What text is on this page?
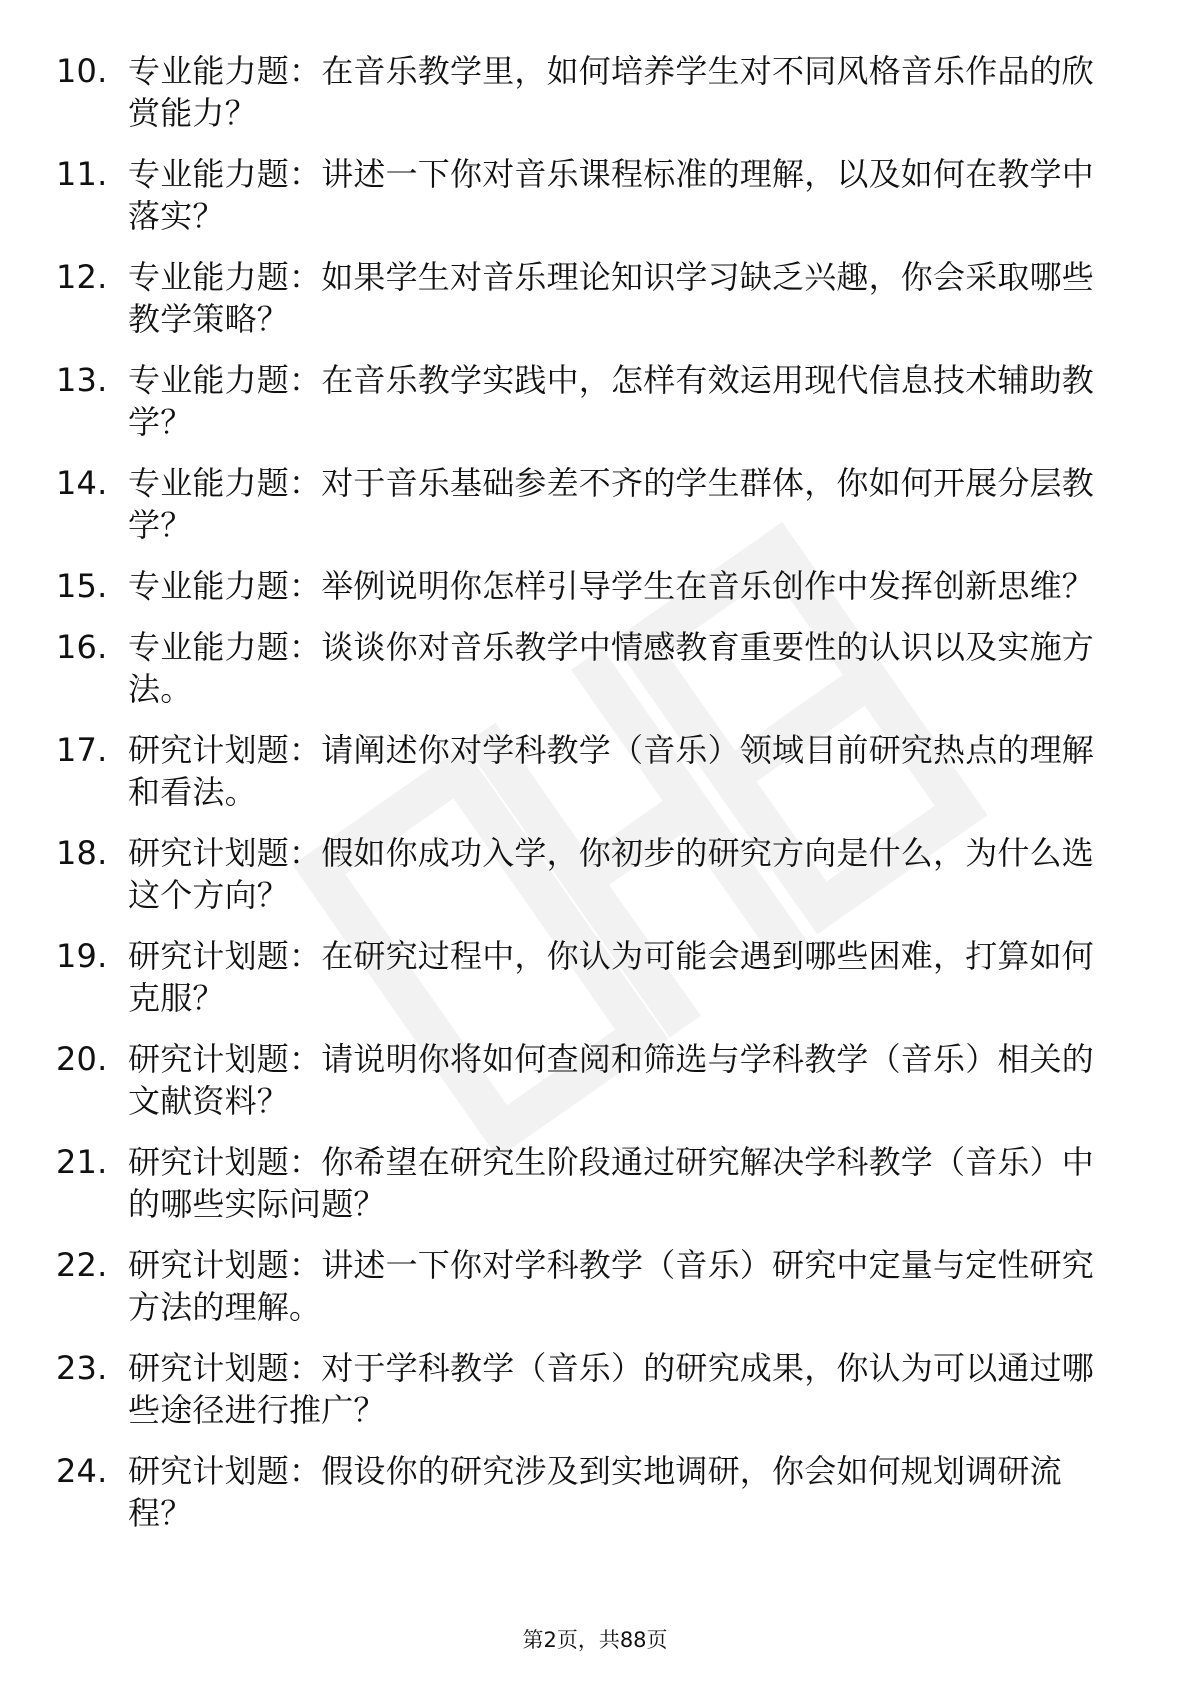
10. 专业能力题：在音乐教学里，如何培养学生对不同风格音乐作品的欣赏能力？
11. 专业能力题：讲述一下你对音乐课程标准的理解，以及如何在教学中落实？
12. 专业能力题：如果学生对音乐理论知识学习缺乏兴趣，你会采取哪些教学策略？
13. 专业能力题：在音乐教学实践中，怎样有效运用现代信息技术辅助教学？
14. 专业能力题：对于音乐基础参差不齐的学生群体，你如何开展分层教学？
15. 专业能力题：举例说明你怎样引导学生在音乐创作中发挥创新思维？
16. 专业能力题：谈谈你对音乐教学中情感教育重要性的认识以及实施方法。
17. 研究计划题：请阐述你对学科教学（音乐）领域目前研究热点的理解和看法。
18. 研究计划题：假如你成功入学，你初步的研究方向是什么，为什么选这个方向？
19. 研究计划题：在研究过程中，你认为可能会遇到哪些困难，打算如何克服？
20. 研究计划题：请说明你将如何查阅和筛选与学科教学（音乐）相关的文献资料？
21. 研究计划题：你希望在研究生阶段通过研究解决学科教学（音乐）中的哪些实际问题？
22. 研究计划题：讲述一下你对学科教学（音乐）研究中定量与定性研究方法的理解。
23. 研究计划题：对于学科教学（音乐）的研究成果，你认为可以通过哪些途径进行推广？
24. 研究计划题：假设你的研究涉及到实地调研，你会如何规划调研流程？
第2页，共88页
